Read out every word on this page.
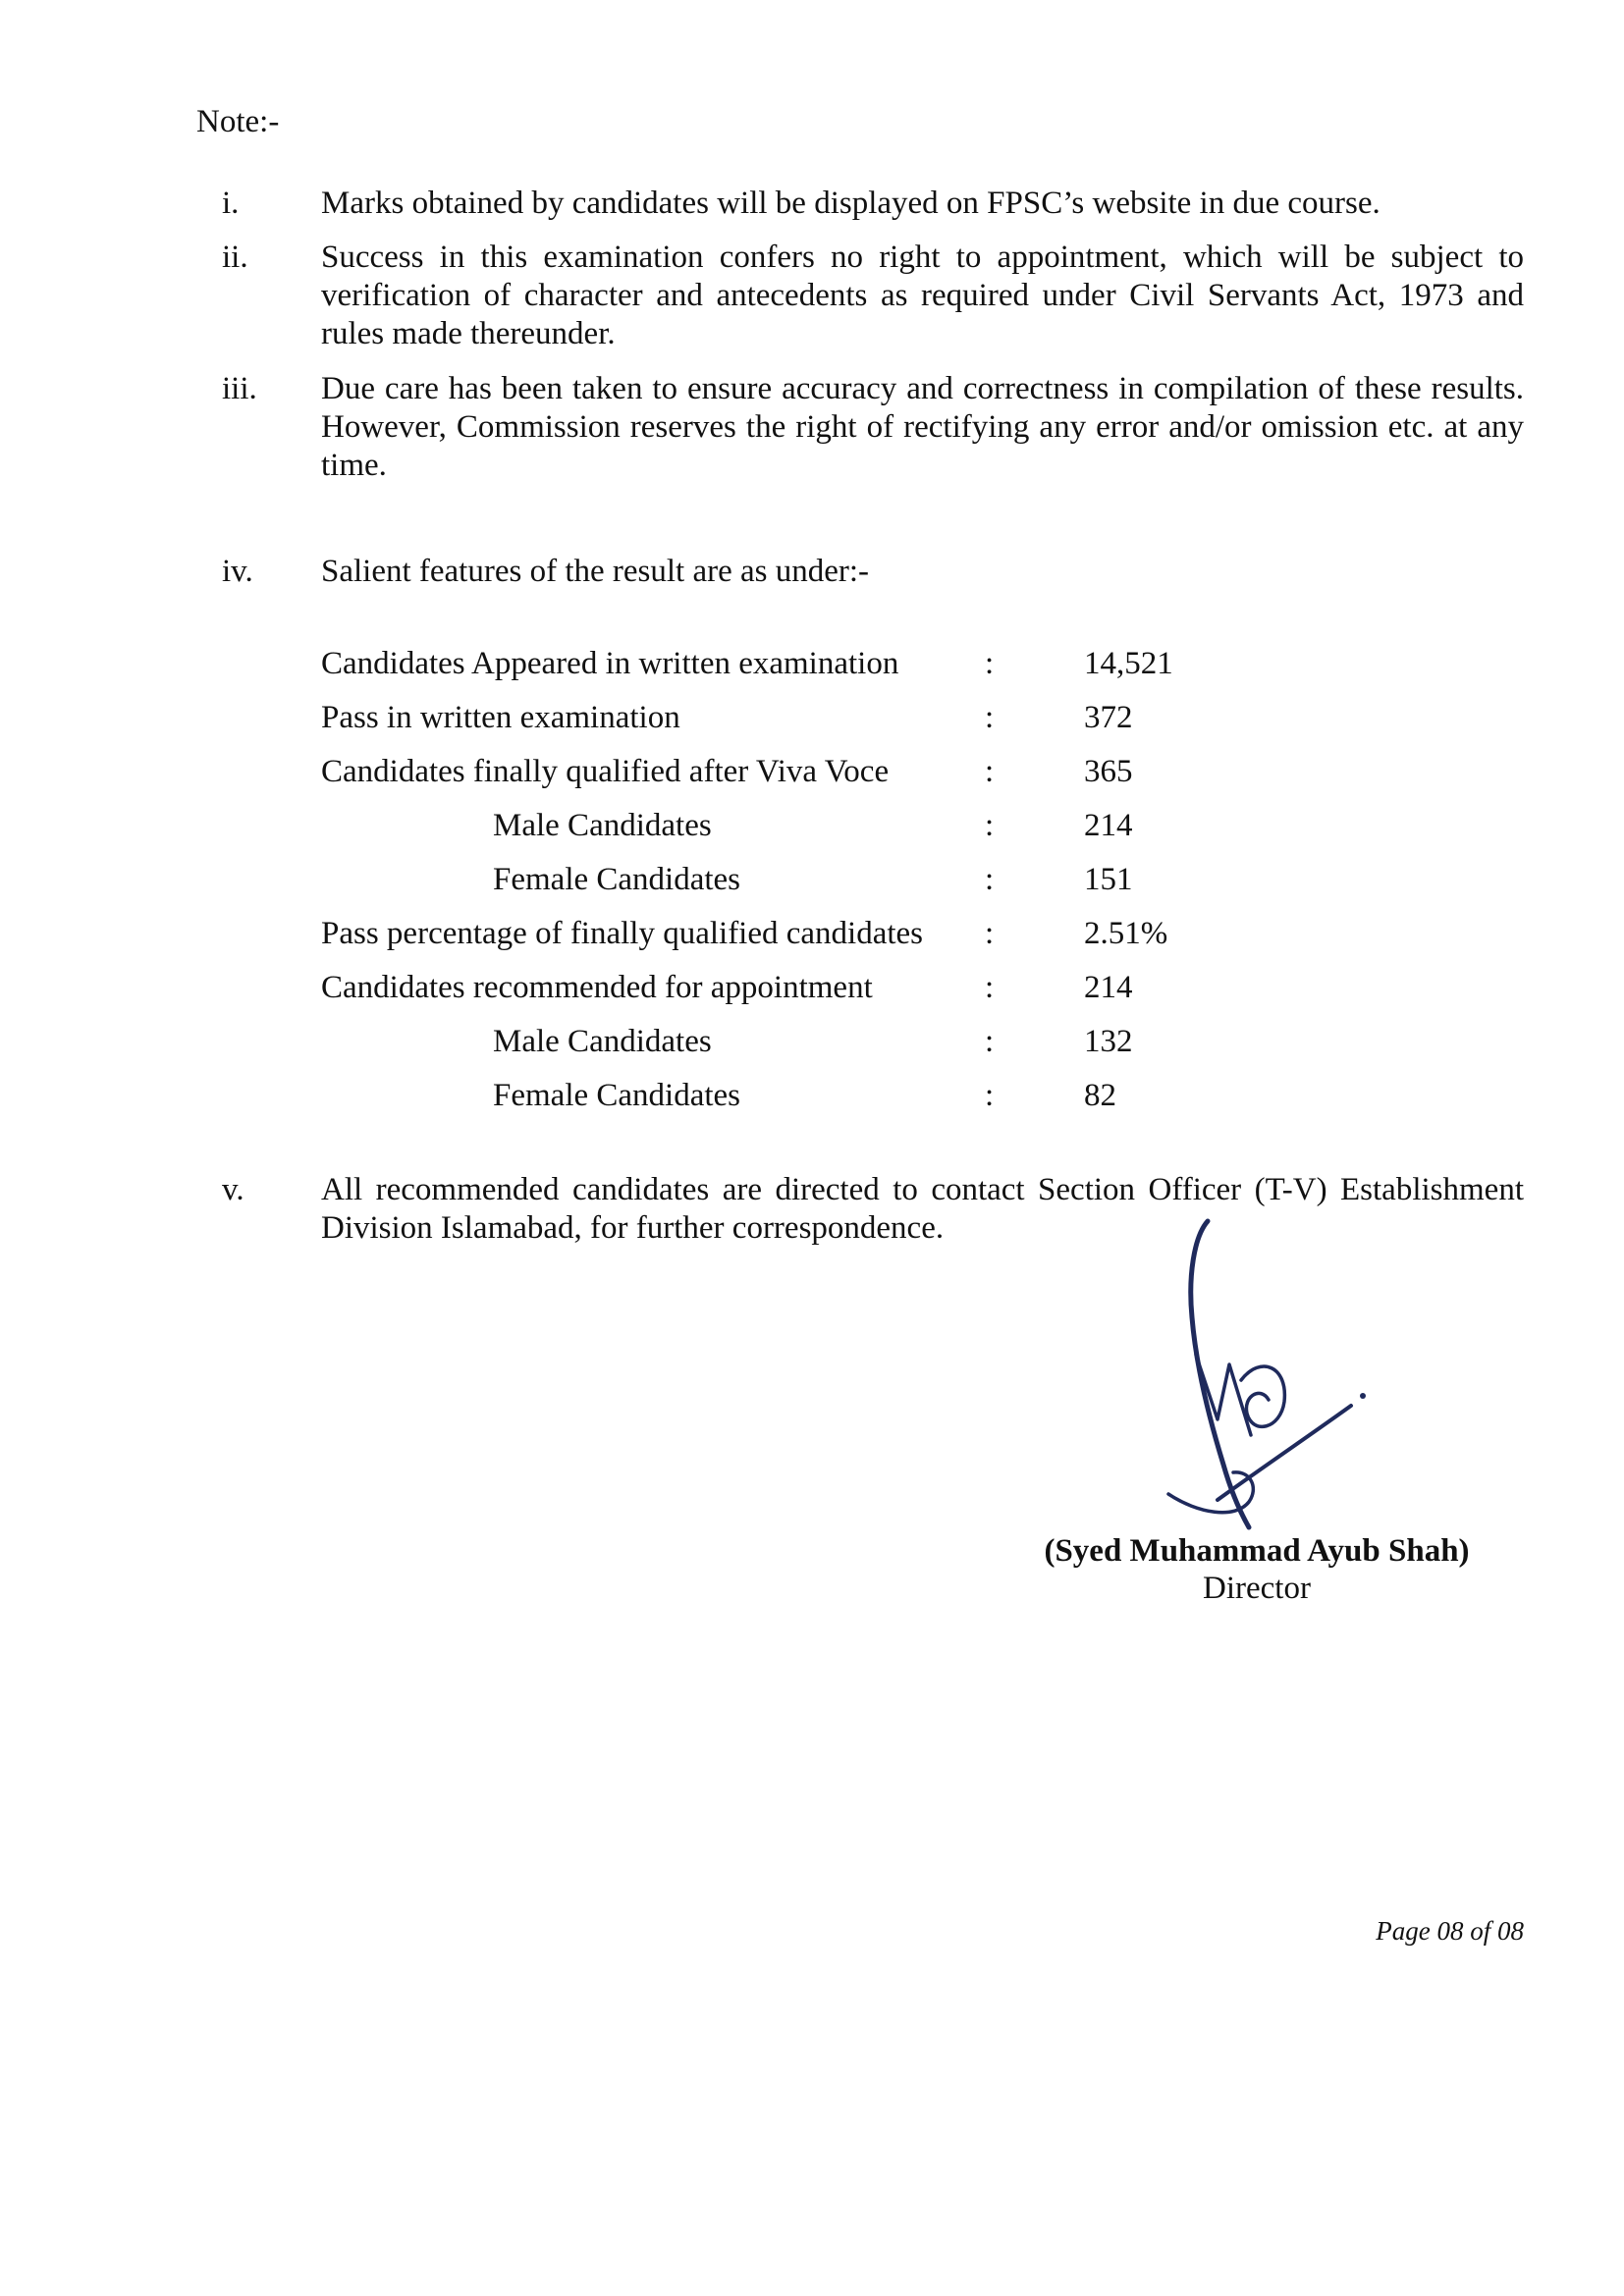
Note:-
i.	Marks obtained by candidates will be displayed on FPSC’s website in due course.
ii. Success in this examination confers no right to appointment, which will be subject to verification of character and antecedents as required under Civil Servants Act, 1973 and rules made thereunder.
iii. Due care has been taken to ensure accuracy and correctness in compilation of these results. However, Commission reserves the right of rectifying any error and/or omission etc. at any time.
iv. Salient features of the result are as under:-
Candidates Appeared in written examination	:	14,521
Pass in written examination	:	372
Candidates finally qualified after Viva Voce	:	365
Male Candidates	:	214
Female Candidates	:	151
Pass percentage of finally qualified candidates :	2.51%
Candidates recommended for appointment	:	214
Male Candidates	:	132
Female Candidates	:	82
v. All recommended candidates are directed to contact Section Officer (T-V) Establishment Division Islamabad, for further correspondence.
(Syed Muhammad Ayub Shah)
Director
Page 08 of 08
